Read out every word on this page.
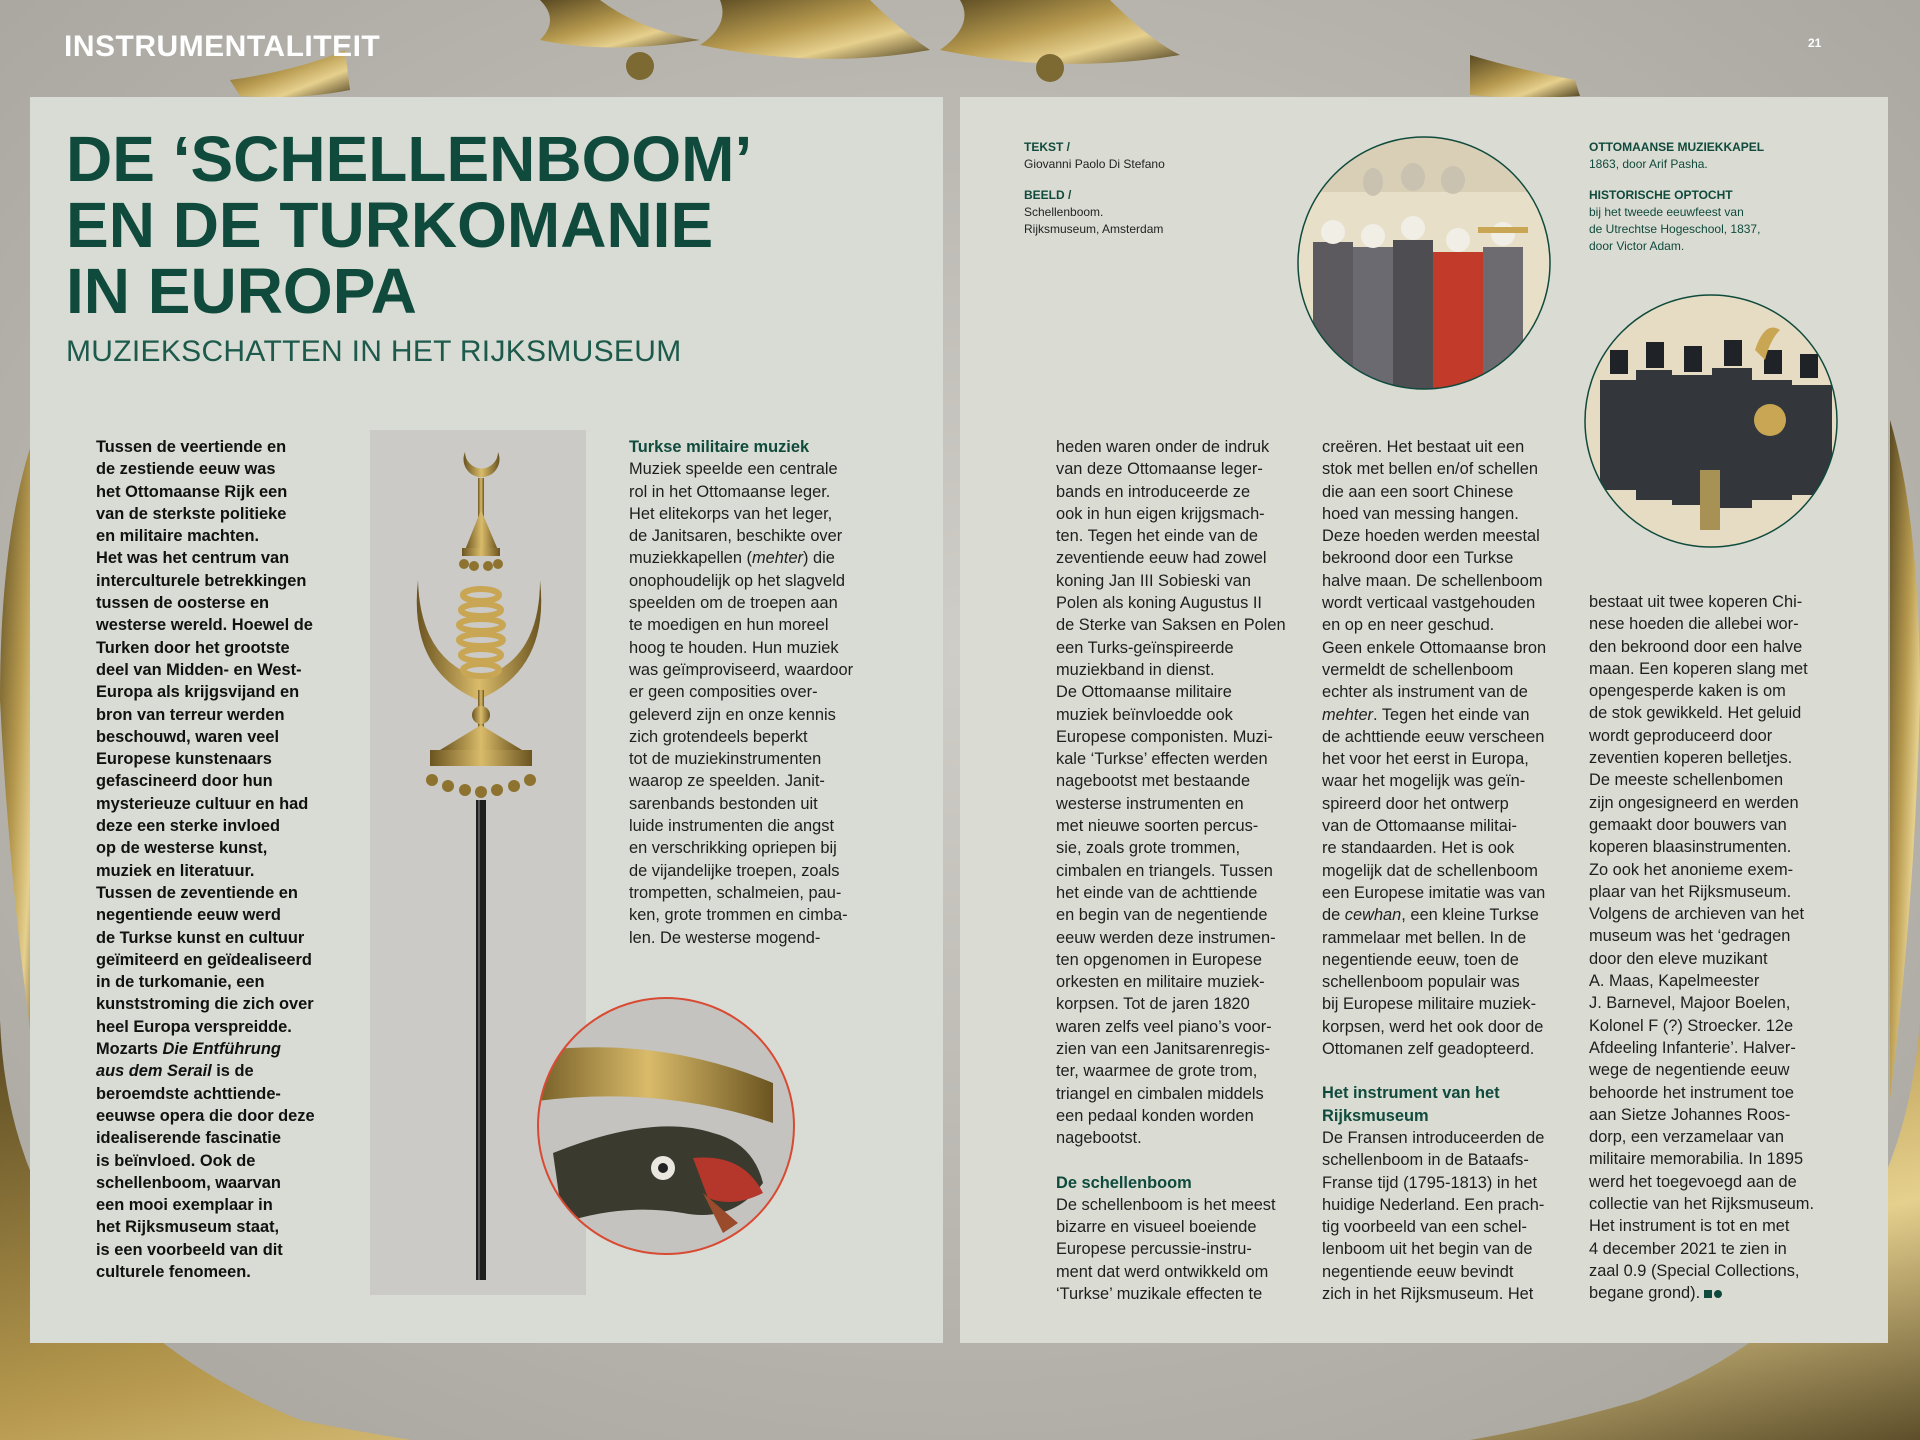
INSTRUMENTALITEIT	21
DE ‘SCHELLENBOOM’
EN DE TURKOMANIE
IN EUROPA
MUZIEKSCHATTEN IN HET RIJKSMUSEUM
Tussen de veertiende en
de zestiende eeuw was
het Ottomaanse Rijk een
van de sterkste politieke
en militaire machten.
Het was het centrum van
interculturele betrekkingen
tussen de oosterse en
westerse wereld. Hoewel de
Turken door het grootste
deel van Midden- en West-
Europa als krijgsvijand en
bron van terreur werden
beschouwd, waren veel
Europese kunstenaars
gefascineerd door hun
mysterieuze cultuur en had
deze een sterke invloed
op de westerse kunst,
muziek en literatuur.
Tussen de zeventiende en
negentiende eeuw werd
de Turkse kunst en cultuur
geïmiteerd en geïdealiseerd
in de turkomanie, een
kunststroming die zich over
heel Europa verspreidde.
Mozarts Die Entführung
aus dem Serail is de
beroemdste achttiende-
eeuwse opera die door deze
idealiserende fascinatie
is beïnvloed. Ook de
schellenboom, waarvan
een mooi exemplaar in
het Rijksmuseum staat,
is een voorbeeld van dit
culturele fenomeen.
Turkse militaire muziek
Muziek speelde een centrale
rol in het Ottomaanse leger.
Het elitekorps van het leger,
de Janitsaren, beschikte over
muziekkapellen (mehter) die
onophoudelijk op het slagveld
speelden om de troepen aan
te moedigen en hun moreel
hoog te houden. Hun muziek
was geïmproviseerd, waardoor
er geen composities over-
geleverd zijn en onze kennis
zich grotendeels beperkt
tot de muziekinstrumenten
waarop ze speelden. Janit-
sarenbands bestonden uit
luide instrumenten die angst
en verschrikking opriepen bij
de vijandelijke troepen, zoals
trompetten, schalmeien, pau-
ken, grote trommen en cimba-
len. De westerse mogend-
heden waren onder de indruk
van deze Ottomaanse leger-
bands en introduceerde ze
ook in hun eigen krijgsmach-
ten. Tegen het einde van de
zeventiende eeuw had zowel
koning Jan III Sobieski van
Polen als koning Augustus II
de Sterke van Saksen en Polen
een Turks-geïnspireerde
muziekband in dienst.
De Ottomaanse militaire
muziek beïnvloedde ook
Europese componisten. Muzi-
kale ‘Turkse’ effecten werden
nagebootst met bestaande
westerse instrumenten en
met nieuwe soorten percus-
sie, zoals grote trommen,
cimbalen en triangels. Tussen
het einde van de achttiende
en begin van de negentiende
eeuw werden deze instrumen-
ten opgenomen in Europese
orkesten en militaire muziek-
korpsen. Tot de jaren 1820
waren zelfs veel piano’s voor-
zien van een Janitsarenregis-
ter, waarmee de grote trom,
triangel en cimbalen middels
een pedaal konden worden
nagebootst.
De schellenboom
De schellenboom is het meest
bizarre en visueel boeiende
Europese percussie-instru-
ment dat werd ontwikkeld om
‘Turkse’ muzikale effecten te
creëren. Het bestaat uit een
stok met bellen en/of schellen
die aan een soort Chinese
hoed van messing hangen.
Deze hoeden werden meestal
bekroond door een Turkse
halve maan. De schellenboom
wordt verticaal vastgehouden
en op en neer geschud.
Geen enkele Ottomaanse bron
vermeldt de schellenboom
echter als instrument van de
mehter. Tegen het einde van
de achttiende eeuw verscheen
het voor het eerst in Europa,
waar het mogelijk was geïn-
spireerd door het ontwerp
van de Ottomaanse militai-
re standaarden. Het is ook
mogelijk dat de schellenboom
een Europese imitatie was van
de cewhan, een kleine Turkse
rammelaar met bellen. In de
negentiende eeuw, toen de
schellenboom populair was
bij Europese militaire muziek-
korpsen, werd het ook door de
Ottomanen zelf geadopteerd.
Het instrument van het
Rijksmuseum
De Fransen introduceerden de
schellenboom in de Bataafs-
Franse tijd (1795-1813) in het
huidige Nederland. Een prach-
tig voorbeeld van een schel-
lenboom uit het begin van de
negentiende eeuw bevindt
zich in het Rijksmuseum. Het
bestaat uit twee koperen Chi-
nese hoeden die allebei wor-
den bekroond door een halve
maan. Een koperen slang met
opengesperde kaken is om
de stok gewikkeld. Het geluid
wordt geproduceerd door
zeventien koperen belletjes.
De meeste schellenbomen
zijn ongesigneerd en werden
gemaakt door bouwers van
koperen blaasinstrumenten.
Zo ook het anonieme exem-
plaar van het Rijksmuseum.
Volgens de archieven van het
museum was het ‘gedragen
door den eleve muzikant
A. Maas, Kapelmeester
J. Barnevel, Majoor Boelen,
Kolonel F (?) Stroecker. 12e
Afdeeling Infanterie’. Halver-
wege de negentiende eeuw
behoorde het instrument toe
aan Sietze Johannes Roos-
dorp, een verzamelaar van
militaire memorabilia. In 1895
werd het toegevoegd aan de
collectie van het Rijksmuseum.
Het instrument is tot en met
4 december 2021 te zien in
zaal 0.9 (Special Collections,
begane grond).
TEKST /
Giovanni Paolo Di Stefano
BEELD /
Schellenboom.
Rijksmuseum, Amsterdam
OTTOMAANSE MUZIEKKAPEL
1863, door Arif Pasha.
HISTORISCHE OPTOCHT
bij het tweede eeuwfeest van
de Utrechtse Hogeschool, 1837,
door Victor Adam.
